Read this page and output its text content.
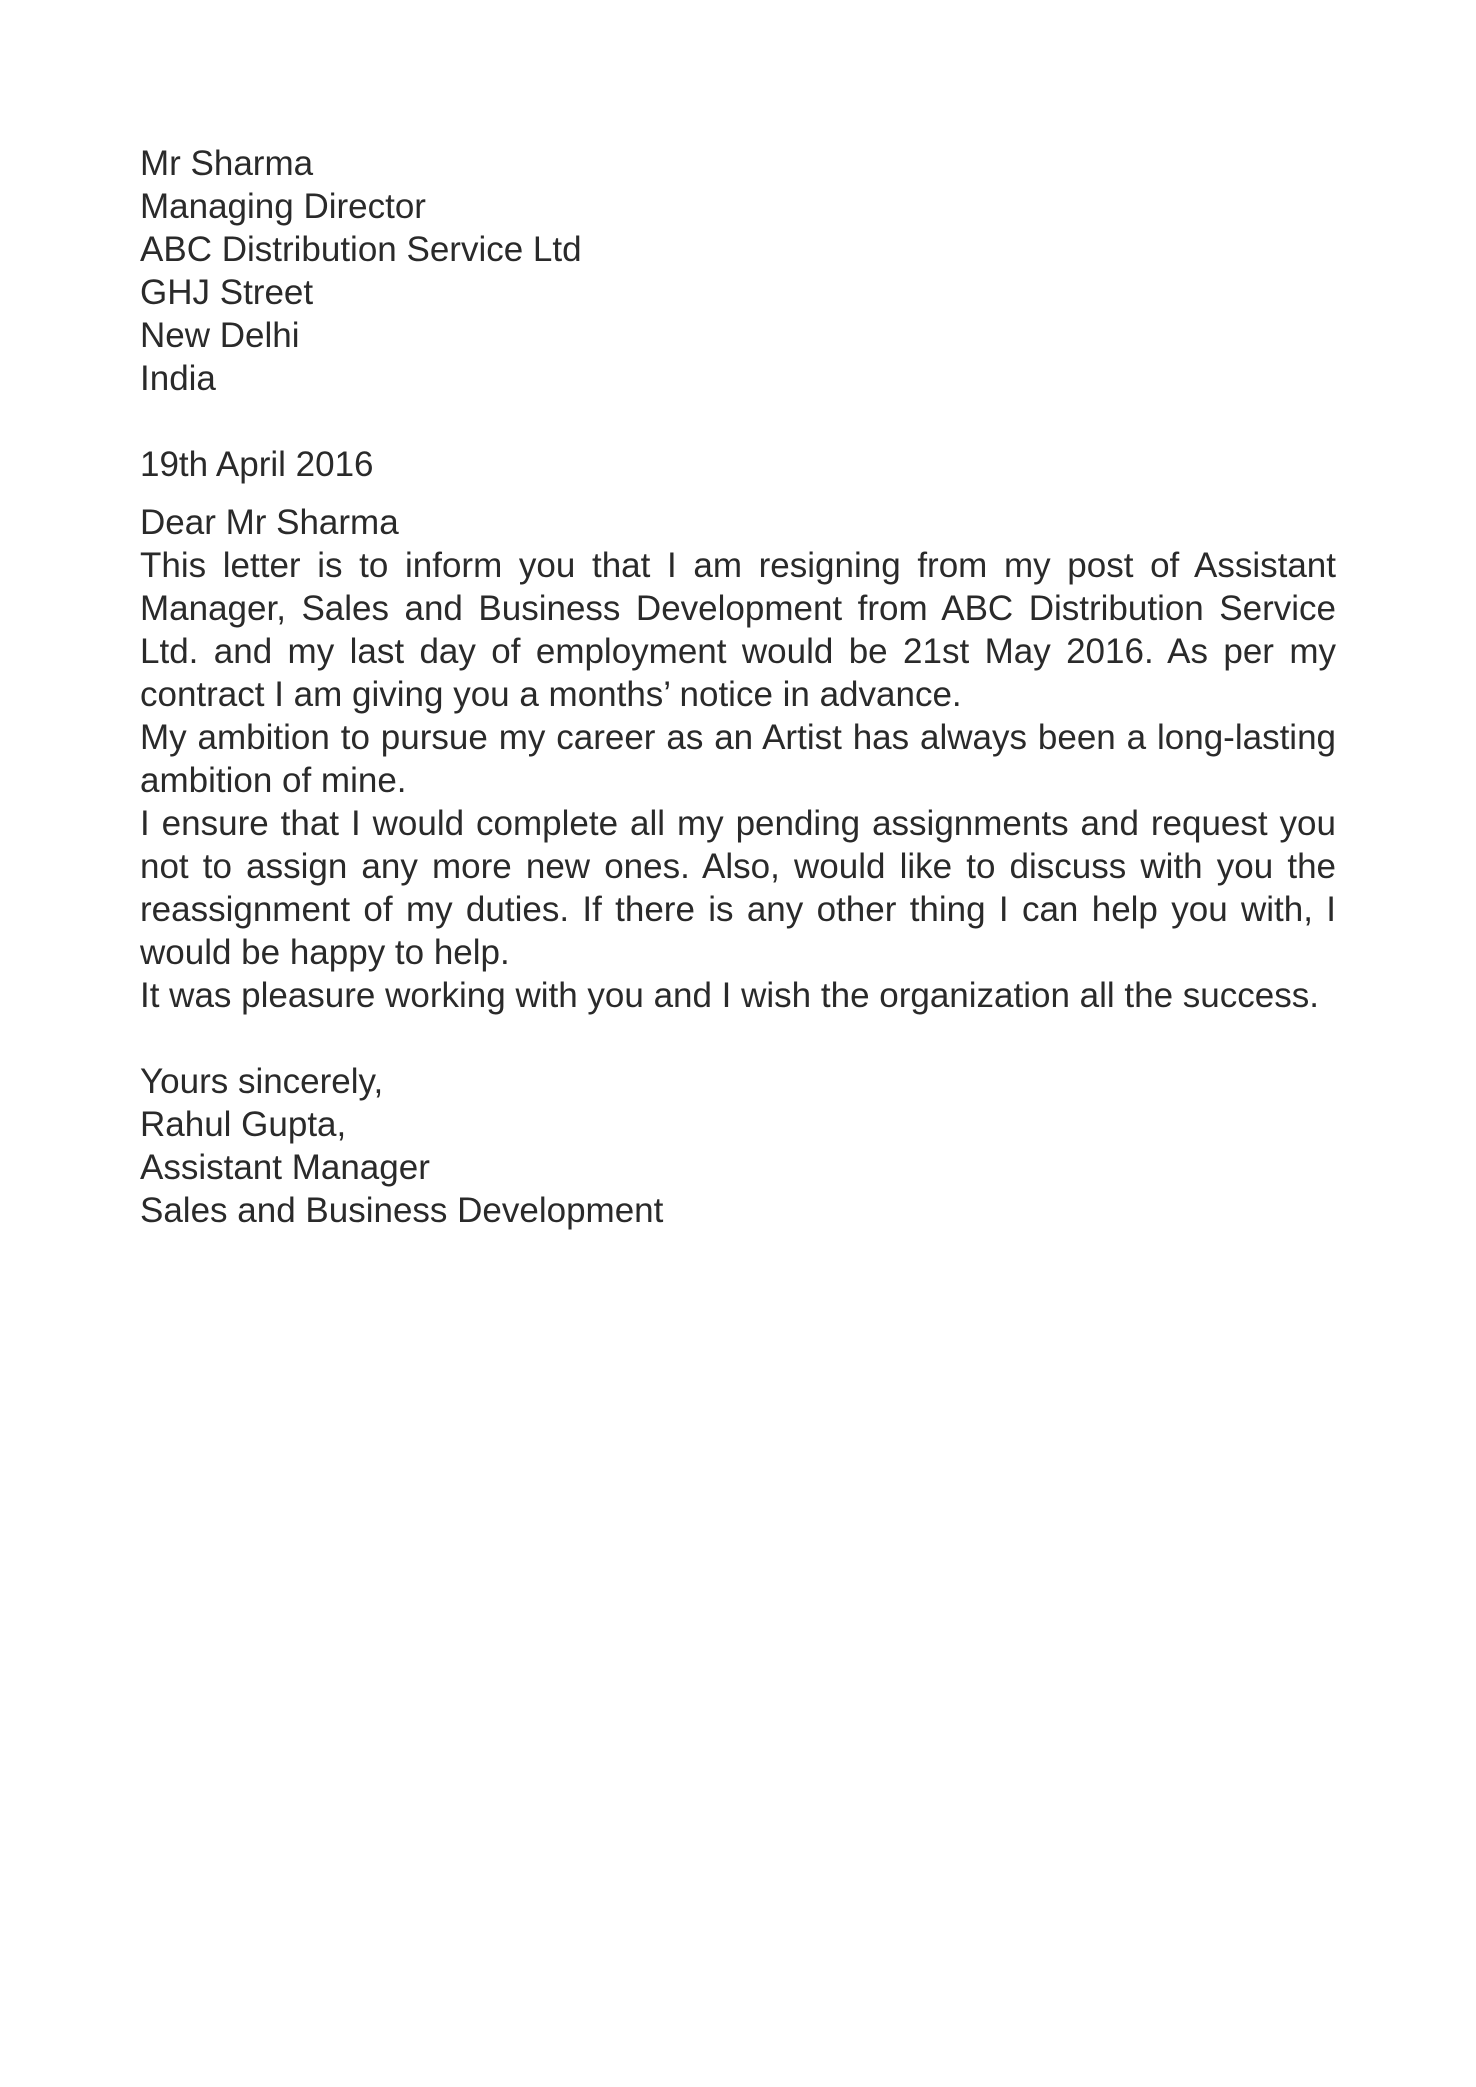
Mr Sharma
Managing Director
ABC Distribution Service Ltd
GHJ Street
New Delhi
India
19th April 2016
Dear Mr Sharma

This letter is to inform you that I am resigning from my post of Assistant Manager, Sales and Business Development from ABC Distribution Service Ltd. and my last day of employment would be 21st May 2016. As per my contract I am giving you a months’ notice in advance.

My ambition to pursue my career as an Artist has always been a long-lasting ambition of mine.

I ensure that I would complete all my pending assignments and request you not to assign any more new ones. Also, would like to discuss with you the reassignment of my duties. If there is any other thing I can help you with, I would be happy to help.

It was pleasure working with you and I wish the organization all the success.

Yours sincerely,
Rahul Gupta,
Assistant Manager
Sales and Business Development
